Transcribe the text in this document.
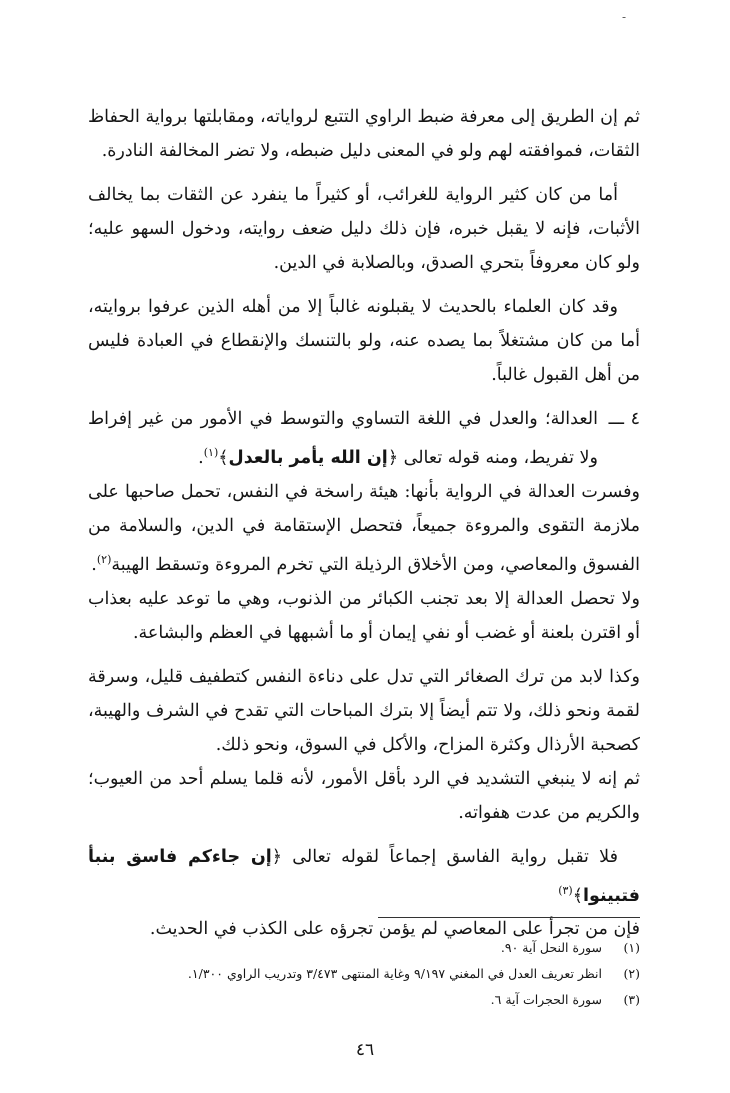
-

ثم إن الطريق إلى معرفة ضبط الراوي التتبع لرواياته، ومقابلتها برواية الحفاظ الثقات، فموافقته لهم ولو في المعنى دليل ضبطه، ولا تضر المخالفة النادرة.

أما من كان كثير الرواية للغرائب، أو كثيراً ما ينفرد عن الثقات بما يخالف الأثبات، فإنه لا يقبل خبره، فإن ذلك دليل ضعف روايته، ودخول السهو عليه؛ ولو كان معروفاً بتحري الصدق، وبالصلابة في الدين.

وقد كان العلماء بالحديث لا يقبلونه غالباً إلا من أهله الذين عرفوا بروايته، أما من كان مشتغلاً بما يصده عنه، ولو بالتنسك والإنقطاع في العبادة فليس من أهل القبول غالباً.

٤
ـــ
العدالة؛ والعدل في اللغة التساوي والتوسط في الأمور من غير إفراط ولا تفريط، ومنه قوله تعالى ﴿إن الله يأمر بالعدل﴾$^{(١)}$.

وفسرت العدالة في الرواية بأنها: هيئة راسخة في النفس، تحمل صاحبها على ملازمة التقوى والمروءة جميعاً، فتحصل الإستقامة في الدين، والسلامة من الفسوق والمعاصي، ومن الأخلاق الرذيلة التي تخرم المروءة وتسقط الهيبة$^{(٢)}$.

ولا تحصل العدالة إلا بعد تجنب الكبائر من الذنوب، وهي ما توعد عليه بعذاب أو اقترن بلعنة أو غضب أو نفي إيمان أو ما أشبهها في العظم والبشاعة.

وكذا لابد من ترك الصغائر التي تدل على دناءة النفس كتطفيف قليل، وسرقة لقمة ونحو ذلك، ولا تتم أيضاً إلا بترك المباحات التي تقدح في الشرف والهيبة، كصحبة الأرذال وكثرة المزاح، والأكل في السوق، ونحو ذلك.

ثم إنه لا ينبغي التشديد في الرد بأقل الأمور، لأنه قلما يسلم أحد من العيوب؛ والكريم من عدت هفواته.

فلا تقبل رواية الفاسق إجماعاً لقوله تعالى ﴿إن جاءكم فاسق بنبأ فتبينوا﴾$^{(٣)}$

فإن من تجرأ على المعاصي لم يؤمن تجرؤه على الكذب في الحديث.

(١)
سورة النحل آية ٩٠.
(٢)
انظر تعريف العدل في المغني ٩/١٩٧ وغاية المنتهى ٣/٤٧٣ وتدريب الراوي ١/٣٠٠.
(٣)
سورة الحجرات آية ٦.
٤٦
